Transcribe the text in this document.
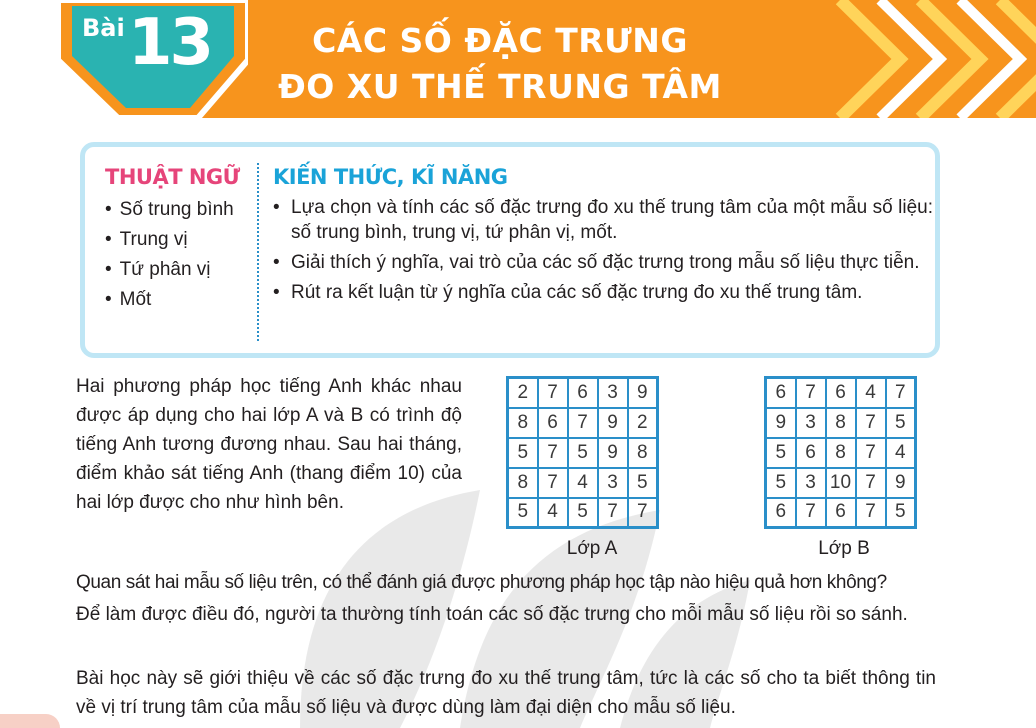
Bài 13	CÁC SỐ ĐẶC TRƯNG
ĐO XU THẾ TRUNG TÂM
THUẬT NGỮ
• Số trung bình
• Trung vị
• Tứ phân vị
• Mốt
KIẾN THỨC, KĨ NĂNG
• Lựa chọn và tính các số đặc trưng đo xu thế trung tâm của một mẫu số liệu: số trung bình, trung vị, tứ phân vị, mốt.
• Giải thích ý nghĩa, vai trò của các số đặc trưng trong mẫu số liệu thực tiễn.
• Rút ra kết luận từ ý nghĩa của các số đặc trưng đo xu thế trung tâm.
Hai phương pháp học tiếng Anh khác nhau được áp dụng cho hai lớp A và B có trình độ tiếng Anh tương đương nhau. Sau hai tháng, điểm khảo sát tiếng Anh (thang điểm 10) của hai lớp được cho như hình bên.
2	7	6	3	9
8	6	7	9	2
5	7	5	9	8
8	7	4	3	5
5	4	5	7	7
Lớp A
6	7	6	4	7
9	3	8	7	5
5	6	8	7	4
5	3	10	7	9
6	7	6	7	5
Lớp B
Quan sát hai mẫu số liệu trên, có thể đánh giá được phương pháp học tập nào hiệu quả hơn không?
Để làm được điều đó, người ta thường tính toán các số đặc trưng cho mỗi mẫu số liệu rồi so sánh.
Bài học này sẽ giới thiệu về các số đặc trưng đo xu thế trung tâm, tức là các số cho ta biết thông tin về vị trí trung tâm của mẫu số liệu và được dùng làm đại diện cho mẫu số liệu.
